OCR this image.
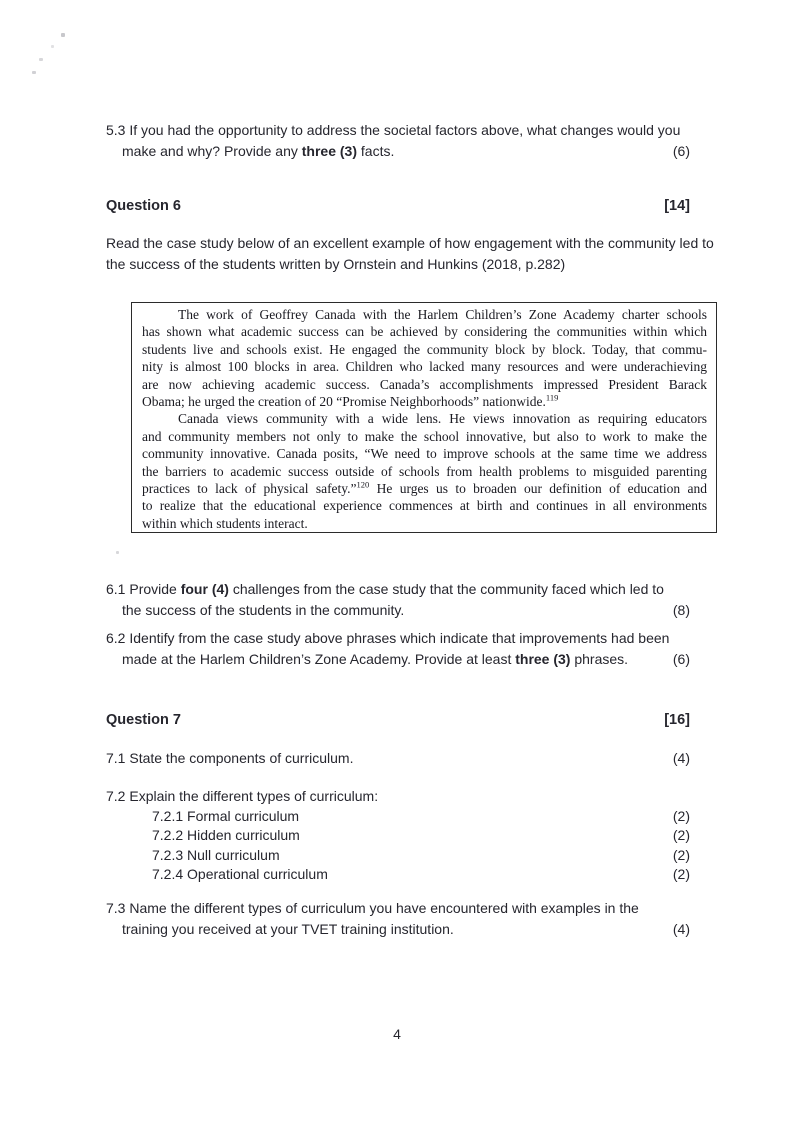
5.3 If you had the opportunity to address the societal factors above, what changes would you
make and why? Provide any three (3) facts.	(6)
Question 6	[14]
Read the case study below of an excellent example of how engagement with the community led to
the success of the students written by Ornstein and Hunkins (2018, p.282)
The work of Geoffrey Canada with the Harlem Children’s Zone Academy charter schools
has shown what academic success can be achieved by considering the communities within which
students live and schools exist. He engaged the community block by block. Today, that commu-
nity is almost 100 blocks in area. Children who lacked many resources and were underachieving
are now achieving academic success. Canada’s accomplishments impressed President Barack
Obama; he urged the creation of 20 “Promise Neighborhoods” nationwide.$^{119}$
Canada views community with a wide lens. He views innovation as requiring educators
and community members not only to make the school innovative, but also to work to make the
community innovative. Canada posits, “We need to improve schools at the same time we address
the barriers to academic success outside of schools from health problems to misguided parenting
practices to lack of physical safety.”$^{120}$ He urges us to broaden our definition of education and
to realize that the educational experience commences at birth and continues in all environments
within which students interact.
6.1 Provide four (4) challenges from the case study that the community faced which led to
the success of the students in the community.	(8)
6.2 Identify from the case study above phrases which indicate that improvements had been
made at the Harlem Children’s Zone Academy. Provide at least three (3) phrases.	(6)
Question 7	[16]
7.1 State the components of curriculum.	(4)
7.2 Explain the different types of curriculum:
7.2.1 Formal curriculum	(2)
7.2.2 Hidden curriculum	(2)
7.2.3 Null curriculum	(2)
7.2.4 Operational curriculum	(2)
7.3 Name the different types of curriculum you have encountered with examples in the
training you received at your TVET training institution.	(4)
4
